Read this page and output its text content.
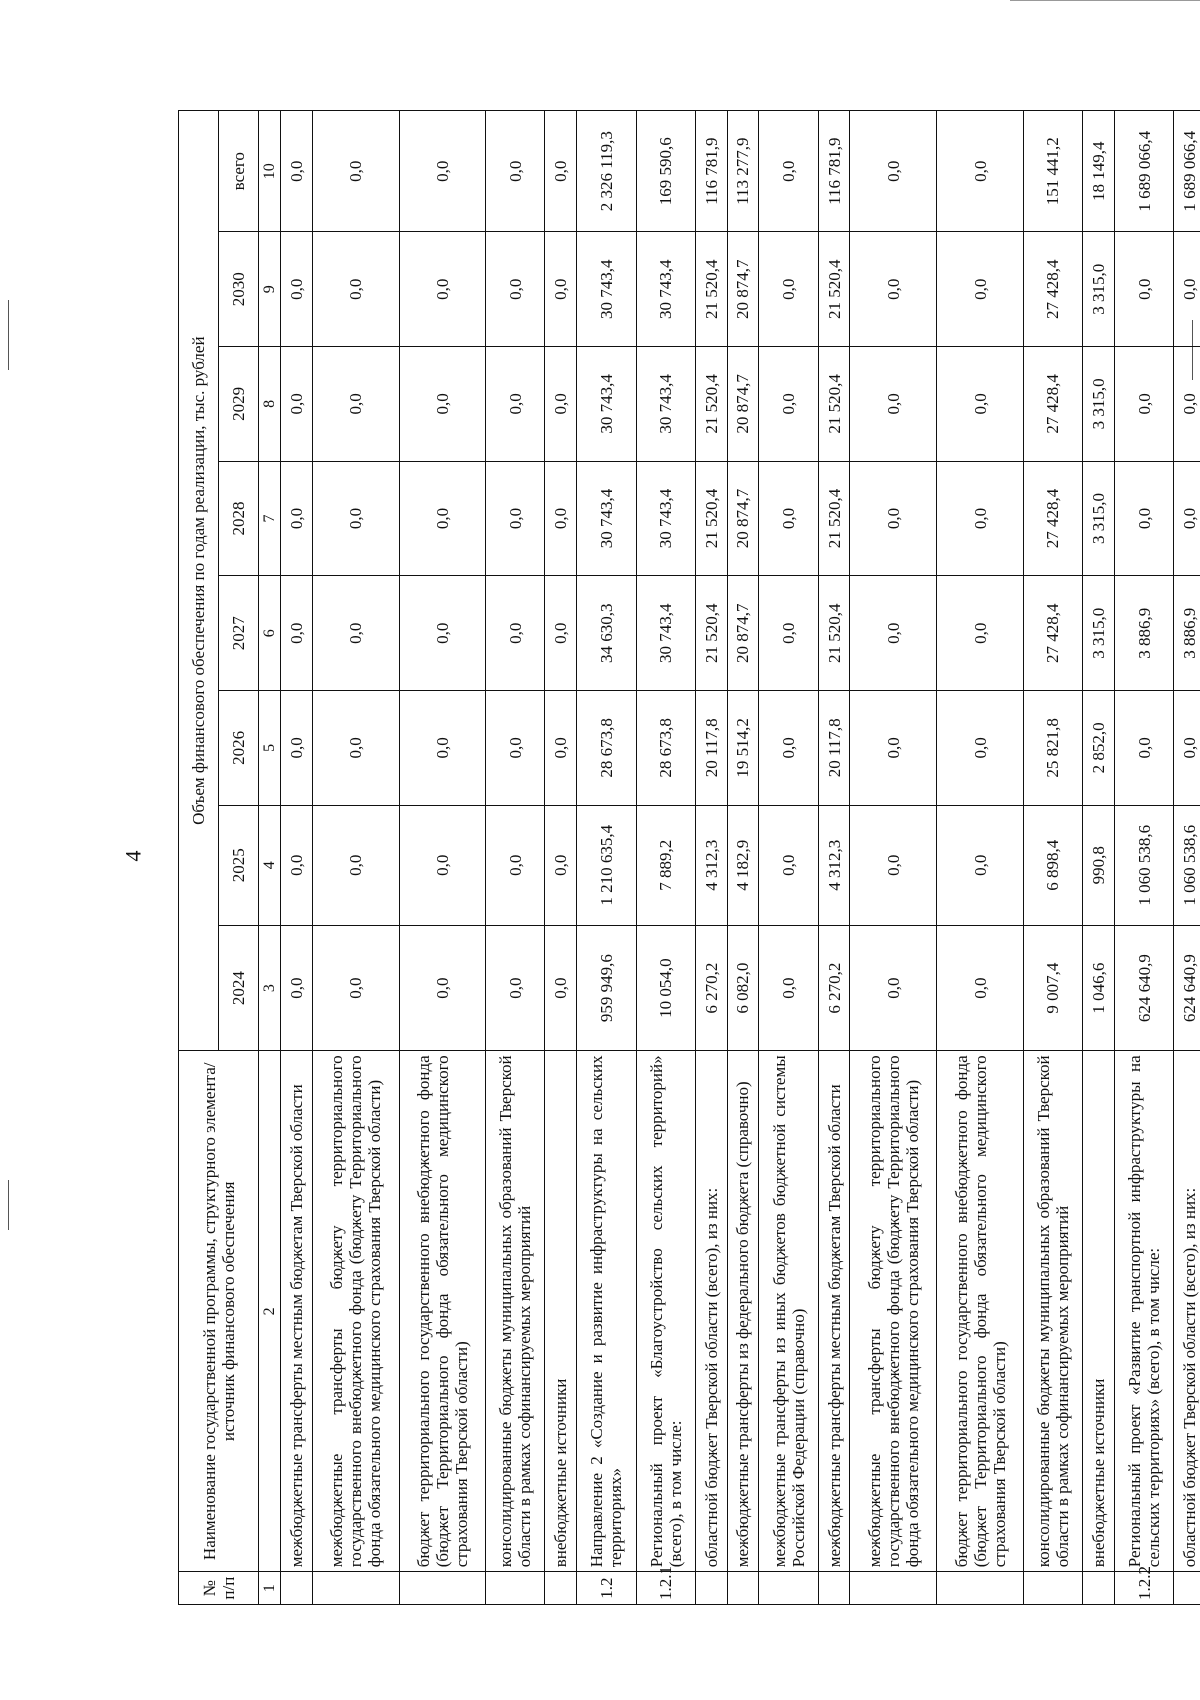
4
№ п/п	Наименование государственной программы, структурного элемента/источник финансового обеспечения	Объем финансового обеспечения по годам реализации, тыс. рублей							
		2024	2025	2026	2027	2028	2029	2030	всего
1	2	3	4	5	6	7	8	9	10
	межбюджетные трансферты местным бюджетам Тверской области	0,0	0,0	0,0	0,0	0,0	0,0	0,0	0,0
	межбюджетные трансферты бюджету территориального государственного внебюджетного фонда (бюджету Территориального фонда обязательного медицинского страхования Тверской области)	0,0	0,0	0,0	0,0	0,0	0,0	0,0	0,0
	бюджет территориального государственного внебюджетного фонда (бюджет Территориального фонда обязательного медицинского страхования Тверской области)	0,0	0,0	0,0	0,0	0,0	0,0	0,0	0,0
	консолидированные бюджеты муниципальных образований Тверской области в рамках софинансируемых мероприятий	0,0	0,0	0,0	0,0	0,0	0,0	0,0	0,0
	внебюджетные источники	0,0	0,0	0,0	0,0	0,0	0,0	0,0	0,0
1.2	Направление 2 «Создание и развитие инфраструктуры на сельских территориях»	959 949,6	1 210 635,4	28 673,8	34 630,3	30 743,4	30 743,4	30 743,4	2 326 119,3
1.2.1	Региональный проект «Благоустройство сельских территорий» (всего), в том числе:	10 054,0	7 889,2	28 673,8	30 743,4	30 743,4	30 743,4	30 743,4	169 590,6
	областной бюджет Тверской области (всего), из них:	6 270,2	4 312,3	20 117,8	21 520,4	21 520,4	21 520,4	21 520,4	116 781,9
	межбюджетные трансферты из федерального бюджета (справочно)	6 082,0	4 182,9	19 514,2	20 874,7	20 874,7	20 874,7	20 874,7	113 277,9
	межбюджетные трансферты из иных бюджетов бюджетной системы Российской Федерации (справочно)	0,0	0,0	0,0	0,0	0,0	0,0	0,0	0,0
	межбюджетные трансферты местным бюджетам Тверской области	6 270,2	4 312,3	20 117,8	21 520,4	21 520,4	21 520,4	21 520,4	116 781,9
	межбюджетные трансферты бюджету территориального государственного внебюджетного фонда (бюджету Территориального фонда обязательного медицинского страхования Тверской области)	0,0	0,0	0,0	0,0	0,0	0,0	0,0	0,0
	бюджет территориального государственного внебюджетного фонда (бюджет Территориального фонда обязательного медицинского страхования Тверской области)	0,0	0,0	0,0	0,0	0,0	0,0	0,0	0,0
	консолидированные бюджеты муниципальных образований Тверской области в рамках софинансируемых мероприятий	9 007,4	6 898,4	25 821,8	27 428,4	27 428,4	27 428,4	27 428,4	151 441,2
	внебюджетные источники	1 046,6	990,8	2 852,0	3 315,0	3 315,0	3 315,0	3 315,0	18 149,4
1.2.2	Региональный проект «Развитие транспортной инфраструктуры на сельских территориях» (всего), в том числе:	624 640,9	1 060 538,6	0,0	3 886,9	0,0	0,0	0,0	1 689 066,4
	областной бюджет Тверской области (всего), из них:	624 640,9	1 060 538,6	0,0	3 886,9	0,0	0,0	0,0	1 689 066,4
